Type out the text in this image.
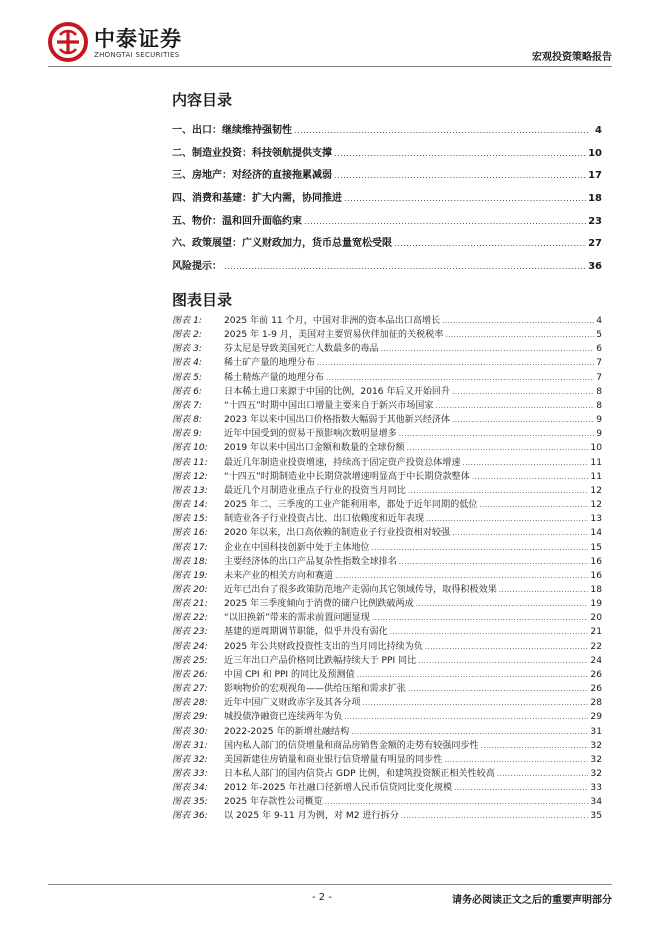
中泰证券
ZHONGTAI SECURITIES	宏观投资策略报告
内容目录
一、出口：继续维持强韧性 .....	4
二、制造业投资：科技领航提供支撑 .....	10
三、房地产：对经济的直接拖累减弱 .....	17
四、消费和基建：扩大内需，协同推进 .....	18
五、物价：温和回升面临约束 .....	23
六、政策展望：广义财政加力，货币总量宽松受限 .....	27
风险提示： .....	36
图表目录
图表 1:	2025 年前 11 个月，中国对非洲的资本品出口高增长 .....	4
图表 2:	2025 年 1-9 月，美国对主要贸易伙伴加征的关税税率 .....	5
图表 3:	芬太尼是导致美国死亡人数最多的毒品 .....	6
图表 4:	稀土矿产量的地理分布 .....	7
图表 5:	稀土精炼产量的地理分布 .....	7
图表 6:	日本稀土进口来源于中国的比例，2016 年后又开始回升 .....	8
图表 7:	“十四五”时期中国出口增量主要来自于新兴市场国家 .....	8
图表 8:	2023 年以来中国出口价格指数大幅弱于其他新兴经济体 .....	9
图表 9:	近年中国受到的贸易干预影响次数明显增多 .....	9
图表 10:	2019 年以来中国出口金额和数量的全球份额 .....	10
图表 11:	最近几年制造业投资增速，持续高于固定资产投资总体增速 .....	11
图表 12:	“十四五”时期制造业中长期贷款增速明显高于中长期贷款整体 .....	11
图表 13:	最近几个月制造业重点子行业的投资当月同比 .....	12
图表 14:	2025 年二、三季度的工业产能利用率，都处于近年同期的低位 .....	12
图表 15:	制造业各子行业投资占比、出口依赖度和近年表现 .....	13
图表 16:	2020 年以来，出口高依赖的制造业子行业投资相对较强 .....	14
图表 17:	企业在中国科技创新中处于主体地位 .....	15
图表 18:	主要经济体的出口产品复杂性指数全球排名 .....	16
图表 19:	未来产业的相关方向和赛道 .....	16
图表 20:	近年已出台了很多政策防范地产走弱向其它领域传导，取得积极效果 .....	18
图表 21:	2025 年三季度倾向于消费的储户比例跌破两成 .....	19
图表 22:	“以旧换新”带来的需求前置问题显现 .....	20
图表 23:	基建的逆周期调节职能，似乎并没有弱化 .....	21
图表 24:	2025 年公共财政投资性支出的当月同比持续为负 .....	22
图表 25:	近三年出口产品价格同比跌幅持续大于 PPI 同比 .....	24
图表 26:	中国 CPI 和 PPI 的同比及预测值 .....	26
图表 27:	影响物价的宏观视角——供给压缩和需求扩张 .....	26
图表 28:	近年中国广义财政赤字及其各分项 .....	28
图表 29:	城投债净融资已连续两年为负 .....	29
图表 30:	2022-2025 年的新增社融结构 .....	31
图表 31:	国内私人部门的信贷增量和商品房销售金额的走势有较强同步性 .....	32
图表 32:	美国新建住房销量和商业银行信贷增量有明显的同步性 .....	32
图表 33:	日本私人部门的国内信贷占 GDP 比例，和建筑投资额正相关性较高 .....	32
图表 34:	2012 年-2025 年社融口径新增人民币信贷同比变化规模 .....	33
图表 35:	2025 年存款性公司概览 .....	34
图表 36:	以 2025 年 9-11 月为例，对 M2 进行拆分 .....	35
- 2 -	请务必阅读正文之后的重要声明部分
